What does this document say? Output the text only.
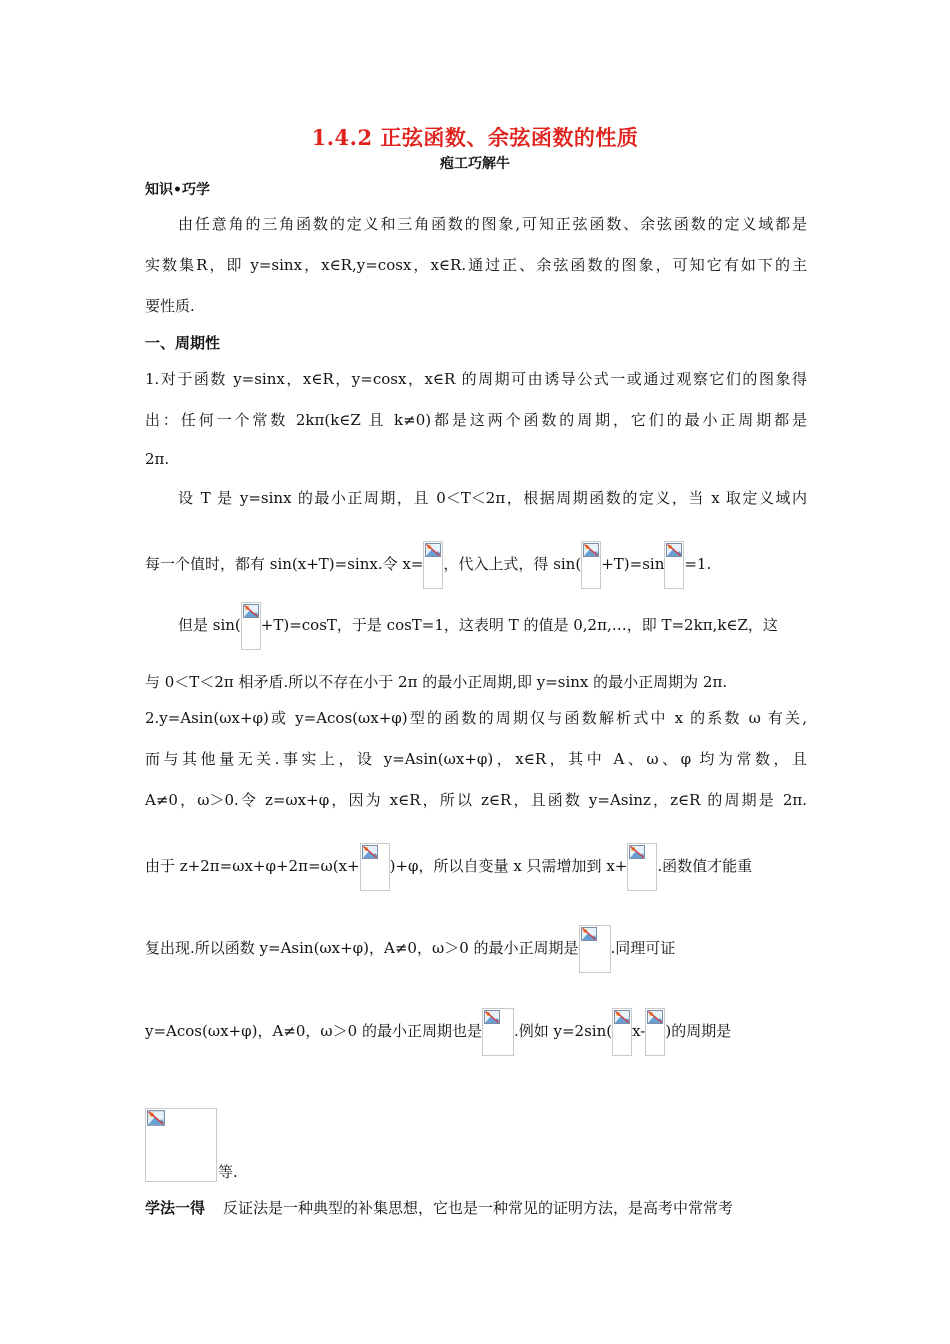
1.4.2 正弦函数、余弦函数的性质
疱工巧解牛
知识•巧学
由任意角的三角函数的定义和三角函数的图象,可知正弦函数、余弦函数的定义域都是
实数集R，即 y=sinx，x∈R,y=cosx，x∈R.通过正、余弦函数的图象，可知它有如下的主
要性质.
一、周期性
1.对于函数 y=sinx，x∈R，y=cosx，x∈R 的周期可由诱导公式一或通过观察它们的图象得
出：任何一个常数 2kπ(k∈Z 且 k≠0)都是这两个函数的周期，它们的最小正周期都是
2π.
设 T 是 y=sinx 的最小正周期，且 0＜T＜2π，根据周期函数的定义，当 x 取定义域内
每一个值时，都有 sin(x+T)=sinx.令 x= ，代入上式，得 sin( +T)=sin =1.
但是 sin( +T)=cosT，于是 cosT=1，这表明 T 的值是 0,2π,…，即 T=2kπ,k∈Z，这
与 0＜T＜2π 相矛盾.所以不存在小于 2π 的最小正周期,即 y=sinx 的最小正周期为 2π.
2.y=Asin(ωx+φ)或 y=Acos(ωx+φ)型的函数的周期仅与函数解析式中 x 的系数 ω 有关,
而与其他量无关.事实上，设 y=Asin(ωx+φ)，x∈R，其中 A、ω、φ 均为常数，且
A≠0，ω＞0.令 z=ωx+φ，因为 x∈R，所以 z∈R，且函数 y=Asinz，z∈R 的周期是 2π.
由于 z+2π=ωx+φ+2π=ω(x+ )+φ，所以自变量 x 只需增加到 x+ .函数值才能重
复出现.所以函数 y=Asin(ωx+φ)，A≠0，ω＞0 的最小正周期是 .同理可证
y=Acos(ωx+φ)，A≠0，ω＞0 的最小正周期也是 .例如 y=2sin( x- )的周期是
等.
学法一得 反证法是一种典型的补集思想，它也是一种常见的证明方法，是高考中常常考
